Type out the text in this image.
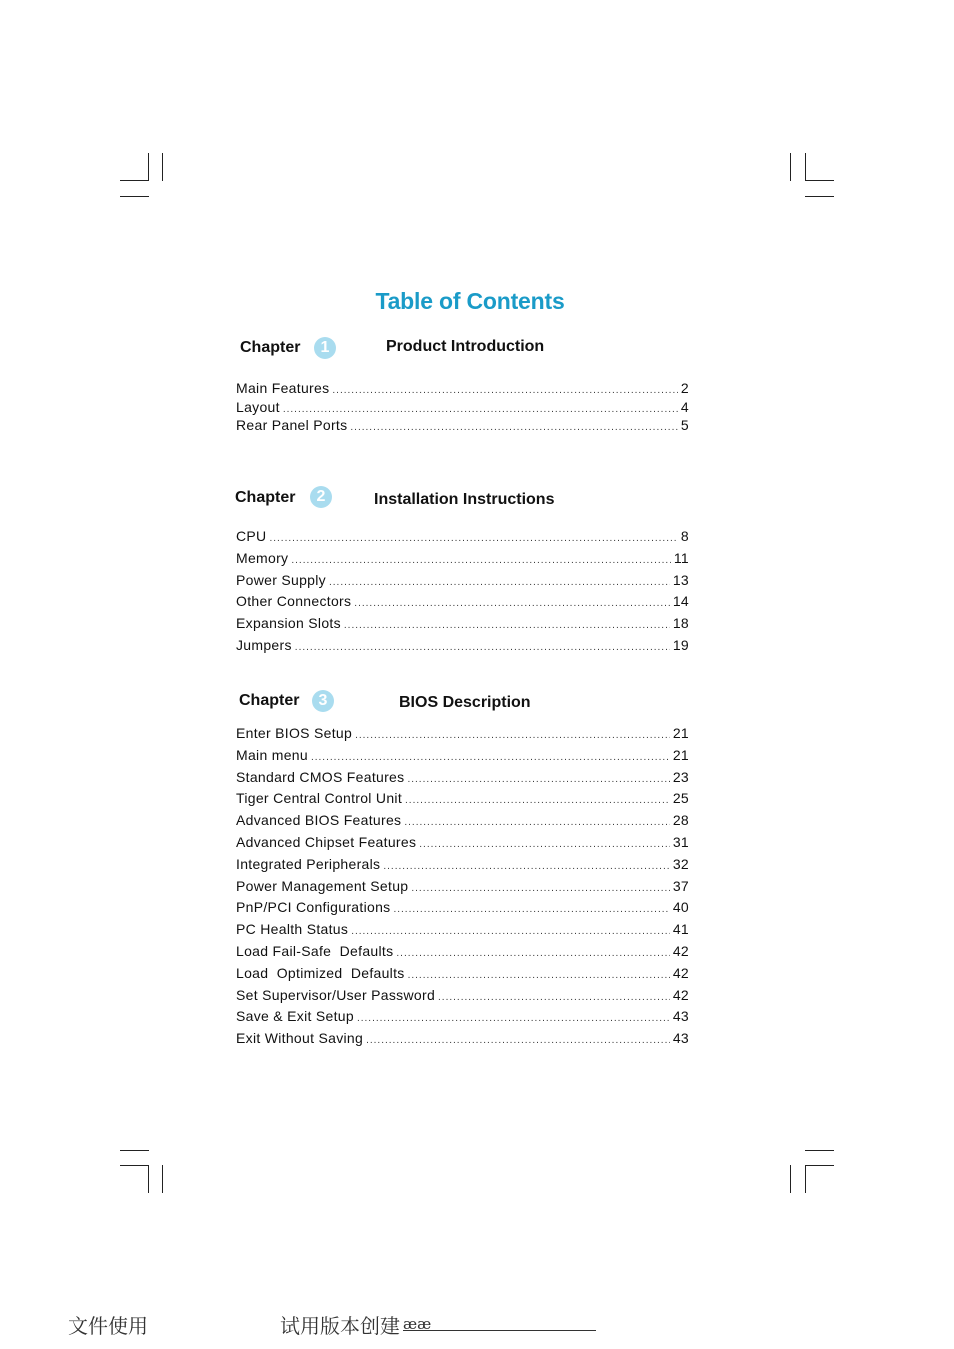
Table of Contents
Chapter	1	Product Introduction
Main Features .....	2
Layout .....	4
Rear Panel Ports .....	5
Chapter	2	Installation Instructions
CPU .....	8
Memory .....	11
Power Supply .....	13
Other Connectors .....	14
Expansion Slots .....	18
Jumpers .....	19
Chapter	3	BIOS Description
Enter BIOS Setup .....	21
Main menu .....	21
Standard CMOS Features .....	23
Tiger Central Control Unit .....	25
Advanced BIOS Features .....	28
Advanced Chipset Features .....	31
Integrated Peripherals .....	32
Power Management Setup .....	37
PnP/PCI Configurations .....	40
PC Health Status .....	41
Load Fail-Safe  Defaults .....	42
Load  Optimized  Defaults .....	42
Set Supervisor/User Password .....	42
Save & Exit Setup .....	43
Exit Without Saving .....	43
文件使用	试用版本创建 ææ
